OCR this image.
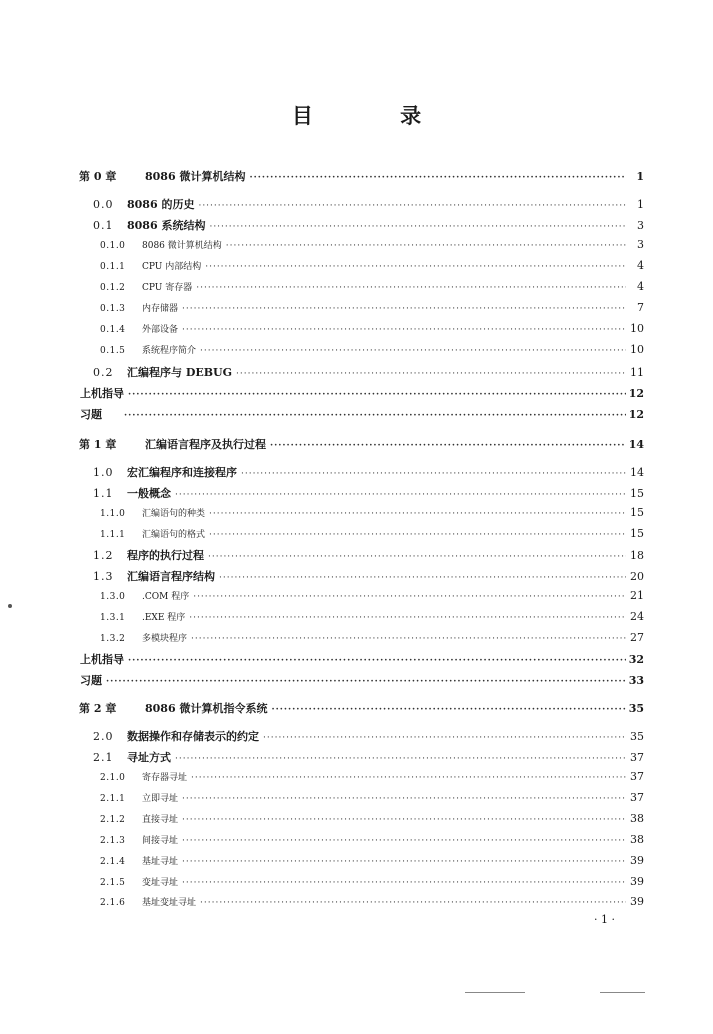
目 录
第 0 章	8086 微计算机结构 ·····	1
0.0 8086 的历史 ·····	1
0.1 8086 系统结构 ·····	3
0.1.0 8086 微计算机结构 ·····	3
0.1.1 CPU 内部结构 ·····	4
0.1.2 CPU 寄存器 ·····	4
0.1.3 内存储器 ·····	7
0.1.4 外部设备 ·····	10
0.1.5 系统程序简介 ·····	10
0.2 汇编程序与 DEBUG ·····	11
上机指导 ·····	12
习题 ·····	12
第 1 章	汇编语言程序及执行过程 ·····	14
1.0 宏汇编程序和连接程序 ·····	14
1.1 一般概念 ·····	15
1.1.0 汇编语句的种类 ·····	15
1.1.1 汇编语句的格式 ·····	15
1.2 程序的执行过程 ·····	18
1.3 汇编语言程序结构 ·····	20
1.3.0 .COM 程序 ·····	21
1.3.1 .EXE 程序 ·····	24
1.3.2 多模块程序 ·····	27
上机指导 ·····	32
习题 ·····	33
第 2 章	8086 微计算机指令系统 ·····	35
2.0 数据操作和存储表示的约定 ·····	35
2.1 寻址方式 ·····	37
2.1.0 寄存器寻址 ·····	37
2.1.1 立即寻址 ·····	37
2.1.2 直接寻址 ·····	38
2.1.3 间接寻址 ·····	38
2.1.4 基址寻址 ·····	39
2.1.5 变址寻址 ·····	39
2.1.6 基址变址寻址 ·····	39
· 1 ·
